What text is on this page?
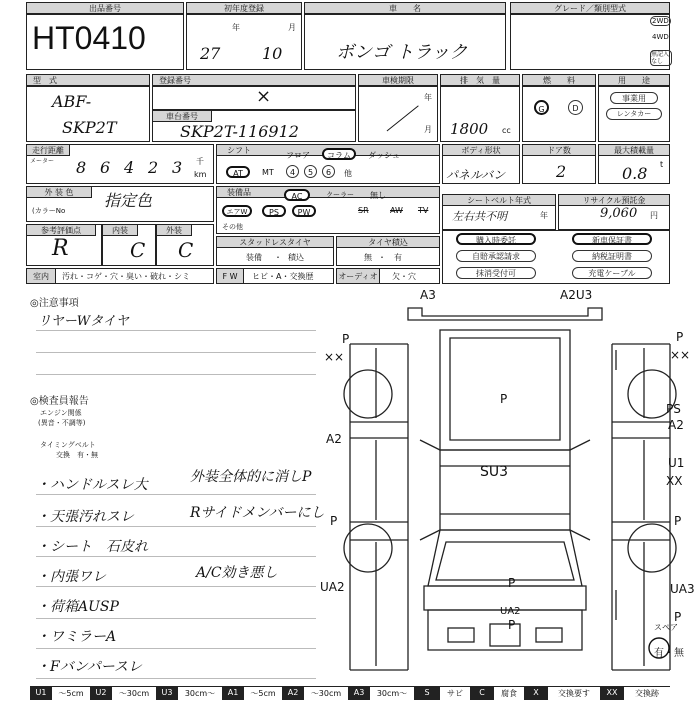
出品番号
HT0410
初年度登録
年	月
27	10
車　　名
ボンゴ トラック
グレード／類別型式
2WD
4WD
無記入なし
型　式
ABF-
SKP2T
登録番号
×
車台番号
SKP2T-116912
車検期限
年
月
／
排　気　量
1800 cc
燃　　料
G	D
用　　途
事業用
レンタカー
走行距離
メーター 8 6 4 2 3 千
km
シフト
フロア	コラム	ダッシュ
AT	MT	4	5	6	他
ボディ形状
パネルバン
ドア数
2
最大積載量
0.8 t
外 装 色	指定色
(カラーNo
装備品	AC	クーラー 無し
エアW	PS	PW	SR	AW TV
その他
シートベルト年式
左右共不明	年
リサイクル預託金
9,060 円
参考評価点
R
内装
C
外装
C	スタッドレスタイヤ
装備 ・ 積込
タイヤ積込
無 ・ 有
購入時委託	新車保証書
自賠承認請求	納税証明書
抹消受付可	充電ケーブル
室内	汚れ・コゲ・穴・臭い・破れ・シミ	F W	ヒビ・A・交換歴	オーディオ 欠・穴
◎注意事項
リヤーWタイヤ
◎検査員報告
エンジン関係
(異音・不調等)
タイミングベルト
交換　有・無
・ハンドルスレ大	外装全体的に消しP
・天張汚れスレ	Rサイドメンバーにし
・シート　石皮れ
・内張ワレ	A/C効き悪し
・荷箱AUSP
・ワミラーA
・Fバンパースレ
A3	A2U3
P
××
P
××
PS
A2
A2
U1
XX
P	P
UA2	UA3
P
SU3
P
UA2
P
P
スペア
有・無
U1	～5cm	U2	～30cm	U3	30cm～	A1	～5cm	A2	～30cm	A3	30cm～	S	サビ	C	腐食	X	交換要す	XX	交換跡
